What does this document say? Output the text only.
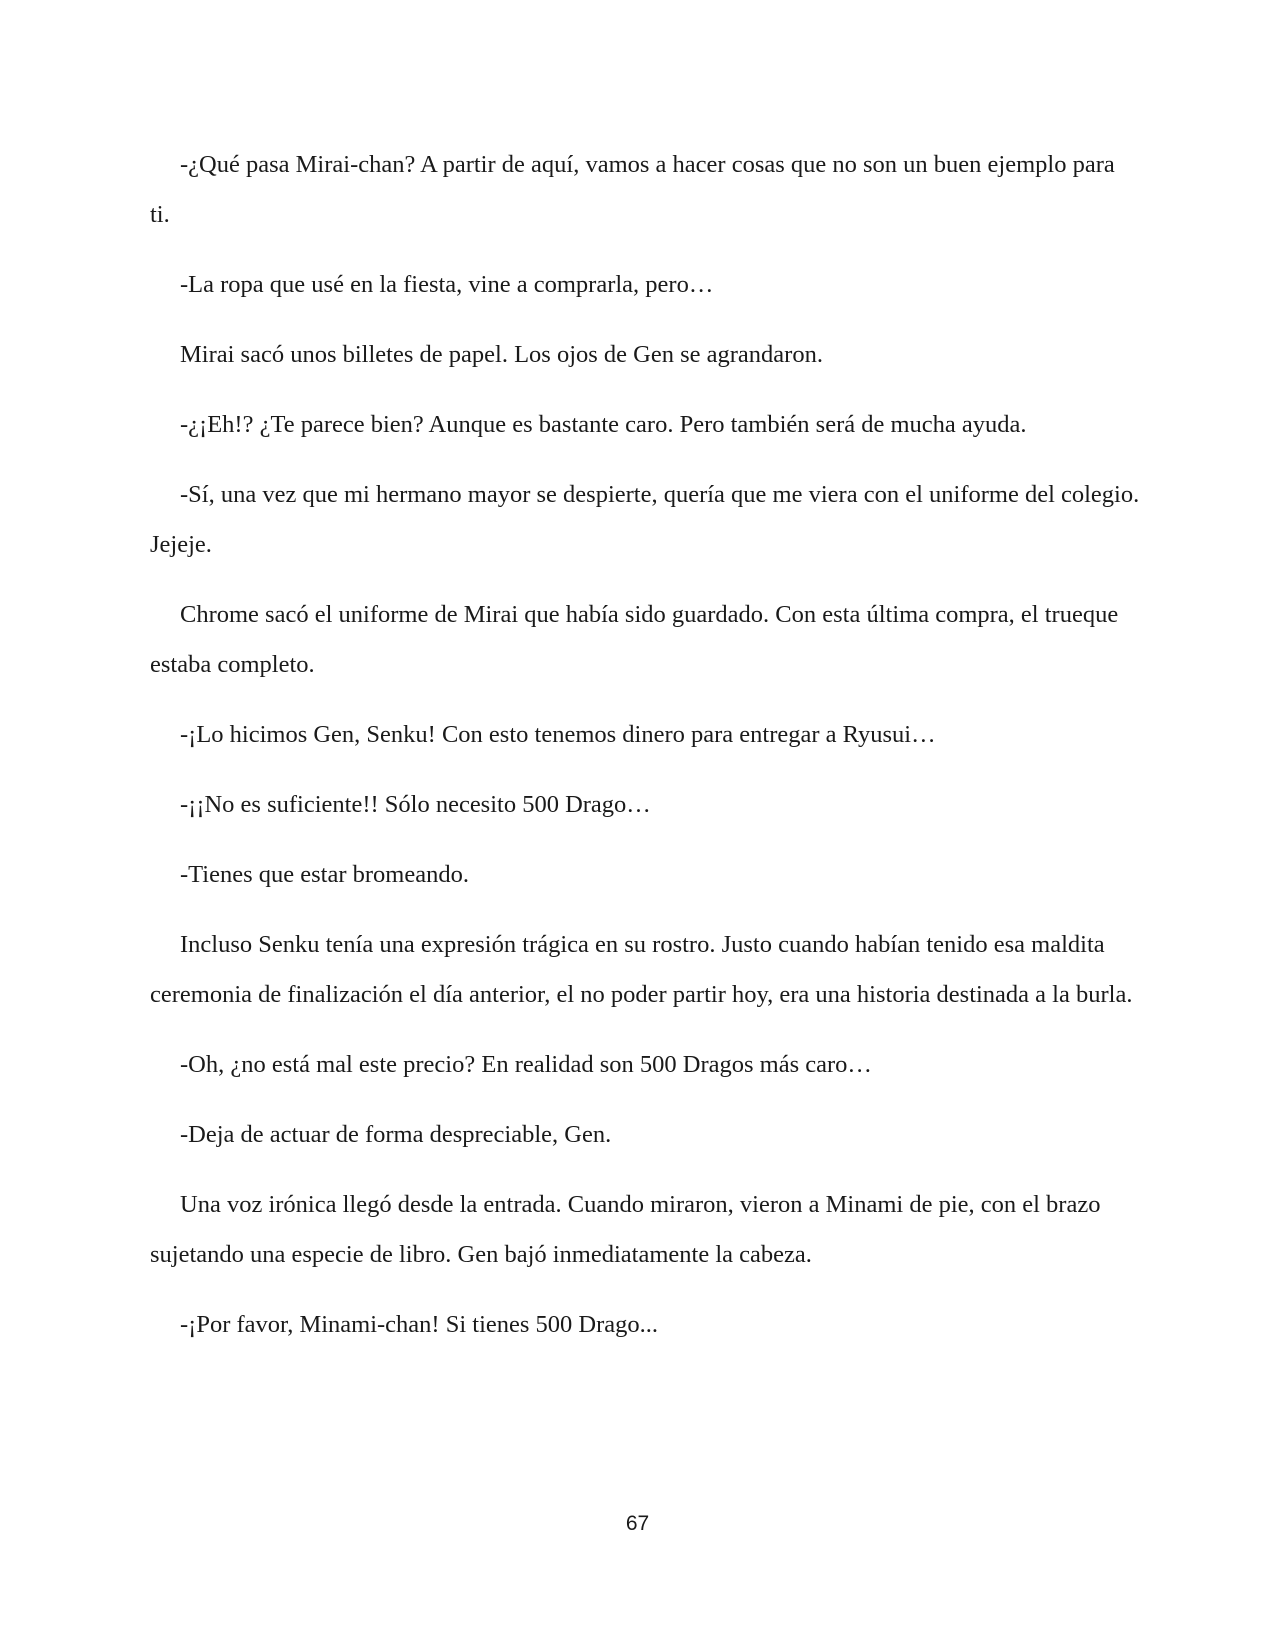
-¿Qué pasa Mirai-chan? A partir de aquí, vamos a hacer cosas que no son un buen ejemplo para ti.

-La ropa que usé en la fiesta, vine a comprarla, pero…

Mirai sacó unos billetes de papel. Los ojos de Gen se agrandaron.

-¿¡Eh!? ¿Te parece bien? Aunque es bastante caro. Pero también será de mucha ayuda.

-Sí, una vez que mi hermano mayor se despierte, quería que me viera con el uniforme del colegio. Jejeje.

Chrome sacó el uniforme de Mirai que había sido guardado. Con esta última compra, el trueque estaba completo.

-¡Lo hicimos Gen, Senku! Con esto tenemos dinero para entregar a Ryusui…

-¡¡No es suficiente!! Sólo necesito 500 Drago…

-Tienes que estar bromeando.

Incluso Senku tenía una expresión trágica en su rostro. Justo cuando habían tenido esa maldita ceremonia de finalización el día anterior, el no poder partir hoy, era una historia destinada a la burla.

-Oh, ¿no está mal este precio? En realidad son 500 Dragos más caro…

-Deja de actuar de forma despreciable, Gen.

Una voz irónica llegó desde la entrada. Cuando miraron, vieron a Minami de pie, con el brazo sujetando una especie de libro. Gen bajó inmediatamente la cabeza.

-¡Por favor, Minami-chan! Si tienes 500 Drago...

67
